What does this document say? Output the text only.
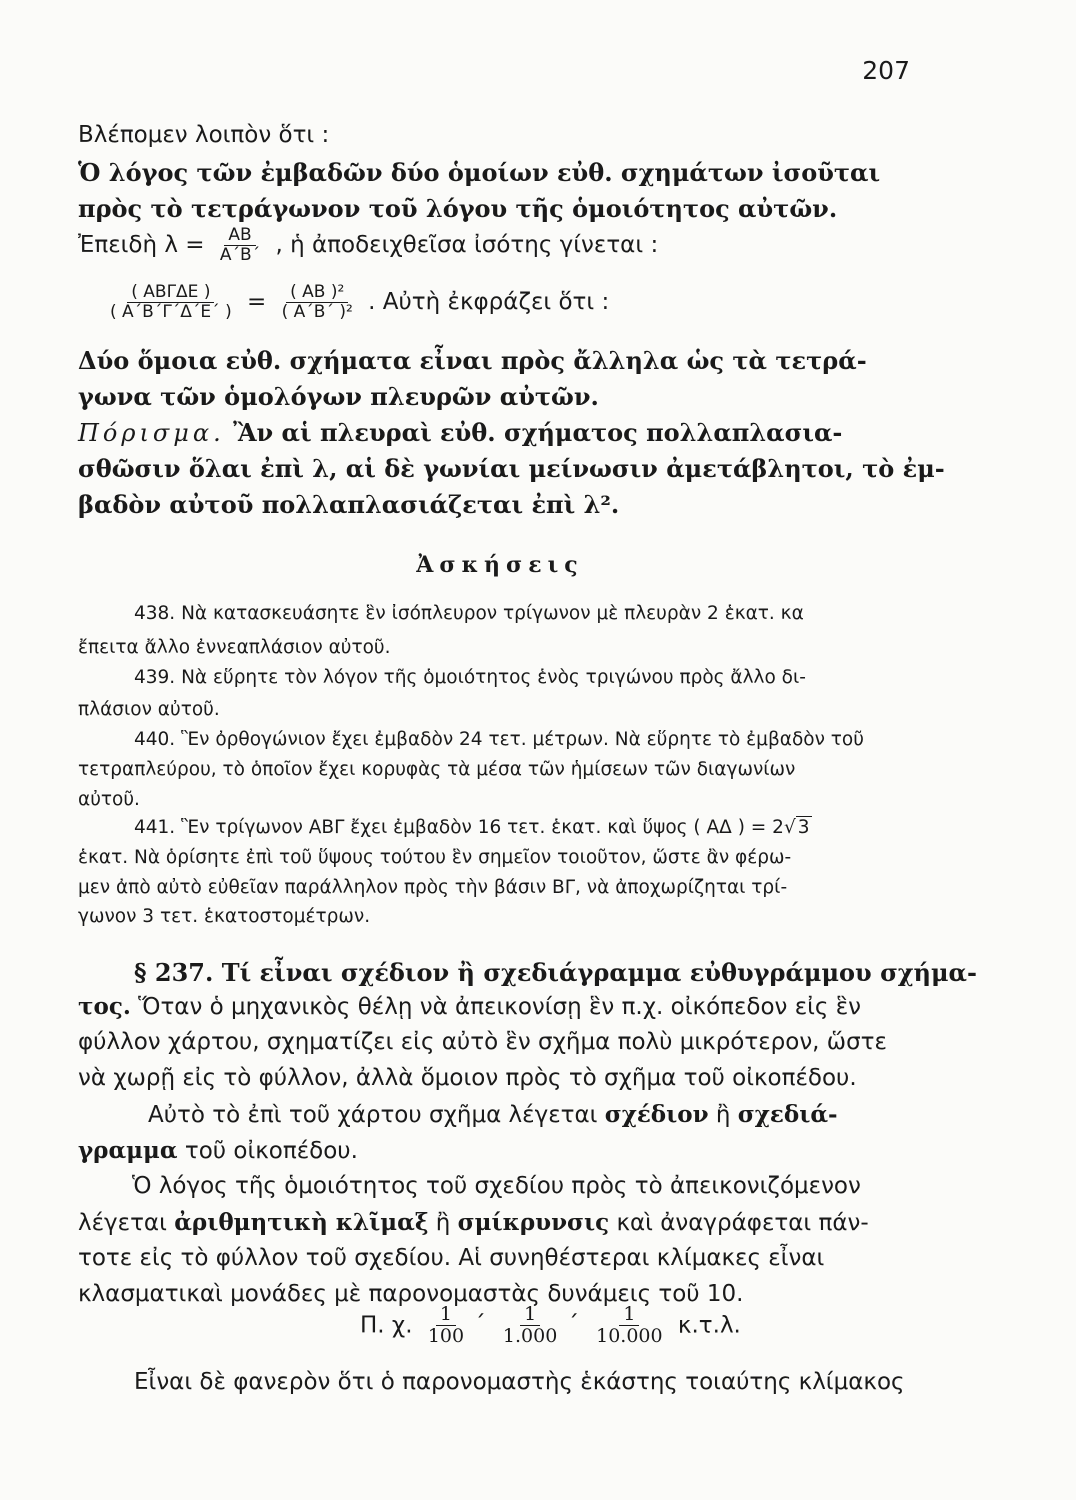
207
Βλέπομεν λοιπὸν ὅτι :
Ὁ λόγος τῶν ἐμβαδῶν δύο ὁμοίων εὐθ. σχημάτων ἰσοῦται
πρὸς τὸ τετράγωνον τοῦ λόγου τῆς ὁμοιότητος αὐτῶν.
Ἐπειδὴ $\lambda = \frac{AB}{A΄B΄}$ , ἡ ἀποδειχθεῖσα ἰσότης γίνεται :
$\frac{\text{( ABΓΔE )}}{( A΄B΄\Gamma΄\Delta΄E΄ )} = \frac{\text{( AB )²}}{\text{( A΄B΄ )²}}$ . Αὐτὴ ἐκφράζει ὅτι :
Δύο ὅμοια εὐθ. σχήματα εἶναι πρὸς ἄλληλα ὡς τὰ τετρά-
γωνα τῶν ὁμολόγων πλευρῶν αὐτῶν.
Πόρισμα. Ἂν αἱ πλευραὶ εὐθ. σχήματος πολλαπλασια-
σθῶσιν ὅλαι ἐπὶ λ, αἱ δὲ γωνίαι μείνωσιν ἀμετάβλητοι, τὸ ἐμ-
βαδὸν αὐτοῦ πολλαπλασιάζεται ἐπὶ λ².
Ἀσκήσεις
438. Νὰ κατασκευάσητε ἓν ἰσόπλευρον τρίγωνον μὲ πλευρὰν 2 ἑκατ. κα
ἔπειτα ἄλλο ἐννεαπλάσιον αὐτοῦ.
439. Νὰ εὕρητε τὸν λόγον τῆς ὁμοιότητος ἑνὸς τριγώνου πρὸς ἄλλο δι-
πλάσιον αὐτοῦ.
440. Ἓν ὀρθογώνιον ἔχει ἐμβαδὸν 24 τετ. μέτρων. Νὰ εὕρητε τὸ ἐμβαδὸν τοῦ
τετραπλεύρου, τὸ ὁποῖον ἔχει κορυφὰς τὰ μέσα τῶν ἡμίσεων τῶν διαγωνίων
αὐτοῦ.
441. Ἓν τρίγωνον ΑΒΓ ἔχει ἐμβαδὸν 16 τετ. ἑκατ. καὶ ὕψος ( ΑΔ ) = 2√ 3
ἑκατ. Νὰ ὁρίσητε ἐπὶ τοῦ ὕψους τούτου ἓν σημεῖον τοιοῦτον, ὥστε ἂν φέρω-
μεν ἀπὸ αὐτὸ εὐθεῖαν παράλληλον πρὸς τὴν βάσιν ΒΓ, νὰ ἀποχωρίζηται τρί-
γωνον 3 τετ. ἑκατοστομέτρων.
§ 237. Τί εἶναι σχέδιον ἢ σχεδιάγραμμα εὐθυγράμμου σχήμα-
τος. Ὅταν ὁ μηχανικὸς θέλῃ νὰ ἀπεικονίσῃ ἓν π.χ. οἰκόπεδον εἰς ἓν
φύλλον χάρτου, σχηματίζει εἰς αὐτὸ ἓν σχῆμα πολὺ μικρότερον, ὥστε
νὰ χωρῇ εἰς τὸ φύλλον, ἀλλὰ ὅμοιον πρὸς τὸ σχῆμα τοῦ οἰκοπέδου.
Αὐτὸ τὸ ἐπὶ τοῦ χάρτου σχῆμα λέγεται σχέδιον ἢ σχεδιά-
γραμμα τοῦ οἰκοπέδου.
Ὁ λόγος τῆς ὁμοιότητος τοῦ σχεδίου πρὸς τὸ ἀπεικονιζόμενον
λέγεται ἀριθμητικὴ κλῖμαξ ἢ σμίκρυνσις καὶ ἀναγράφεται πάν-
τοτε εἰς τὸ φύλλον τοῦ σχεδίου. Αἱ συνηθέστεραι κλίμακες εἶναι
κλασματικαὶ μονάδες μὲ παρονομαστὰς δυνάμεις τοῦ 10.
Π. χ. $\frac{1}{100}$ ΄ $\frac{1}{1.000}$ ΄ $\frac{1}{10.000} \kappa.\tau.\lambda$.
Εἶναι δὲ φανερὸν ὅτι ὁ παρονομαστὴς ἑκάστης τοιαύτης κλίμακος
